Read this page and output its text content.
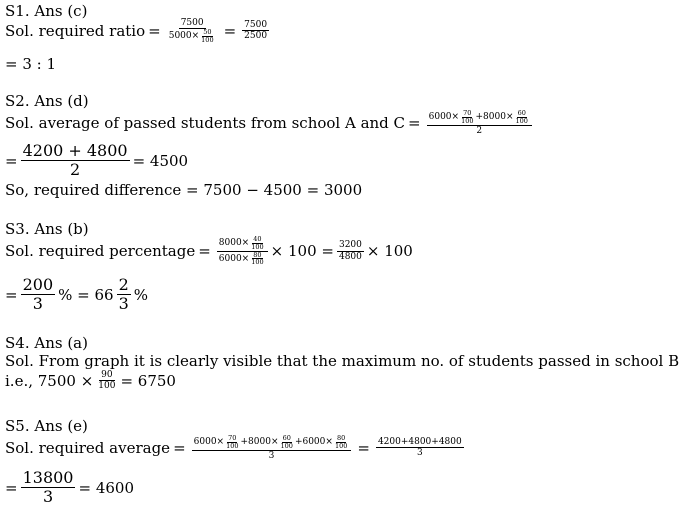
S1. Ans (c)
Sol. required ratio = $\frac{7500}{5000\times \frac{50}{100}} = \frac{7500}{2500}$
= 3 : 1
S2. Ans (d)
Sol. average of passed students from school A and $C = 6000\times \frac{70}{100} +8000\times \frac{60}{100}$
2
= $\frac{4200 + 4800}{2} = 4500$
So, required difference = 7500 − 4500 = 3000
S3. Ans (b)
Sol. required percentage = $\frac{8000\times \frac{40}{100}}{6000\times \frac{80}{100}} \times 100 = \frac{3200}{4800} \times 100$
= $\frac{200}{3}$ % = $66 \frac{2}{3}$ %
S4. Ans (a)
Sol. From graph it is clearly visible that the maximum no. of students passed in school B
i.e., $7500 \times \frac{90}{100} = 6750$
S5. Ans (e)
Sol. required average = $6000\times \frac{70}{100} +8000\times \frac{60}{100} +6000\times \frac{80}{100}$
3	= $\frac{4200+4800+4800}{3}$
= $\frac{13800}{3} = 4600$
